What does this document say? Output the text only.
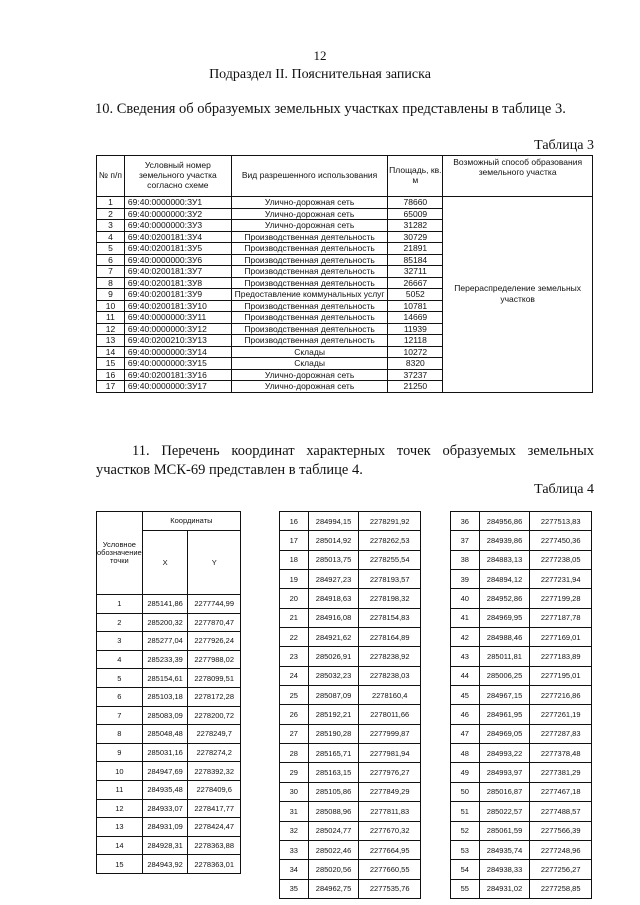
12
Подраздел II. Пояснительная записка
10. Сведения об образуемых земельных участках представлены в таблице 3.
Таблица 3
№ п/п	Условный номер земельного участка согласно схеме	Вид разрешенного использования	Площадь, кв. м	Возможный способ образования земельного участка
1	69:40:0000000:ЗУ1	Улично-дорожная сеть	78660	Перераспределение земельных участков
2	69:40:0000000:ЗУ2	Улично-дорожная сеть	65009	
3	69:40:0000000:ЗУ3	Улично-дорожная сеть	31282	
4	69:40:0200181:ЗУ4	Производственная деятельность	30729	
5	69:40:0200181:ЗУ5	Производственная деятельность	21891	
6	69:40:0000000:ЗУ6	Производственная деятельность	85184	
7	69:40:0200181:ЗУ7	Производственная деятельность	32711	
8	69:40:0200181:ЗУ8	Производственная деятельность	26667	
9	69:40:0200181:ЗУ9	Предоставление коммунальных услуг	5052	
10	69:40:0200181:ЗУ10	Производственная деятельность	10781	
11	69:40:0000000:ЗУ11	Производственная деятельность	14669	
12	69:40:0000000:ЗУ12	Производственная деятельность	11939	
13	69:40:0200210:ЗУ13	Производственная деятельность	12118	
14	69:40:0000000:ЗУ14	Склады	10272	
15	69:40:0000000:ЗУ15	Склады	8320	
16	69:40:0200181:ЗУ16	Улично-дорожная сеть	37237	
17	69:40:0000000:ЗУ17	Улично-дорожная сеть	21250	
11. Перечень координат характерных точек образуемых земельных
участков МСК-69 представлен в таблице 4.
Таблица 4
Условное обозначение точки	Координаты	
	X	Y
1	285141,86	2277744,99
2	285200,32	2277870,47
3	285277,04	2277926,24
4	285233,39	2277988,02
5	285154,61	2278099,51
6	285103,18	2278172,28
7	285083,09	2278200,72
8	285048,48	2278249,7
9	285031,16	2278274,2
10	284947,69	2278392,32
11	284935,48	2278409,6
12	284933,07	2278417,77
13	284931,09	2278424,47
14	284928,31	2278363,88
15	284943,92	2278363,01
16	284994,15	2278291,92
17	285014,92	2278262,53
18	285013,75	2278255,54
19	284927,23	2278193,57
20	284918,63	2278198,32
21	284916,08	2278154,83
22	284921,62	2278164,89
23	285026,91	2278238,92
24	285032,23	2278238,03
25	285087,09	2278160,4
26	285192,21	2278011,66
27	285190,28	2277999,87
28	285165,71	2277981,94
29	285163,15	2277976,27
30	285105,86	2277849,29
31	285088,96	2277811,83
32	285024,77	2277670,32
33	285022,46	2277664,95
34	285020,56	2277660,55
35	284962,75	2277535,76
36	284956,86	2277513,83
37	284939,86	2277450,36
38	284883,13	2277238,05
39	284894,12	2277231,94
40	284952,86	2277199,28
41	284969,95	2277187,78
42	284988,46	2277169,01
43	285011,81	2277183,89
44	285006,25	2277195,01
45	284967,15	2277216,86
46	284961,95	2277261,19
47	284969,05	2277287,83
48	284993,22	2277378,48
49	284993,97	2277381,29
50	285016,87	2277467,18
51	285022,57	2277488,57
52	285061,59	2277566,39
53	284935,74	2277248,96
54	284938,33	2277256,27
55	284931,02	2277258,85
